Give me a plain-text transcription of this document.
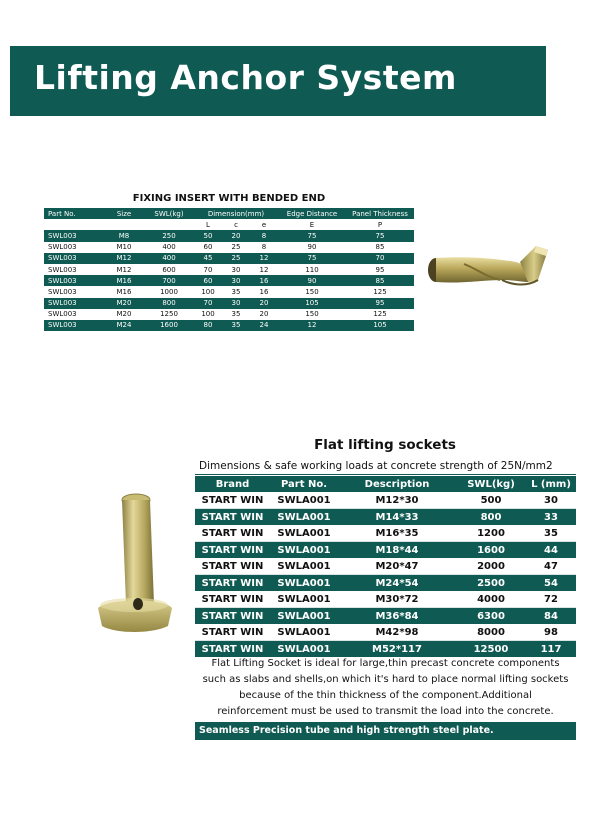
Lifting Anchor System
FIXING INSERT WITH BENDED END
Part No.	Size	SWL(kg)	Dimension(mm)			Edge Distance	Panel Thickness
			L	c	e	E	P
SWL003	M8	250	50	20	8	75	75
SWL003	M10	400	60	25	8	90	85
SWL003	M12	400	45	25	12	75	70
SWL003	M12	600	70	30	12	110	95
SWL003	M16	700	60	30	16	90	85
SWL003	M16	1000	100	35	16	150	125
SWL003	M20	800	70	30	20	105	95
SWL003	M20	1250	100	35	20	150	125
SWL003	M24	1600	80	35	24	12	105
Flat lifting sockets
Dimensions & safe working loads at concrete strength of 25N/mm2
Brand	Part No.	Description	SWL(kg)	L (mm)
START WIN	SWLA001	M12*30	500	30
START WIN	SWLA001	M14*33	800	33
START WIN	SWLA001	M16*35	1200	35
START WIN	SWLA001	M18*44	1600	44
START WIN	SWLA001	M20*47	2000	47
START WIN	SWLA001	M24*54	2500	54
START WIN	SWLA001	M30*72	4000	72
START WIN	SWLA001	M36*84	6300	84
START WIN	SWLA001	M42*98	8000	98
START WIN	SWLA001	M52*117	12500	117
Flat Lifting Socket is ideal for large,thin precast concrete components
such as slabs and shells,on which it's hard to place normal lifting sockets
because of the thin thickness of the component.Additional
reinforcement must be used to transmit the load into the concrete.
Seamless Precision tube and high strength steel plate.
